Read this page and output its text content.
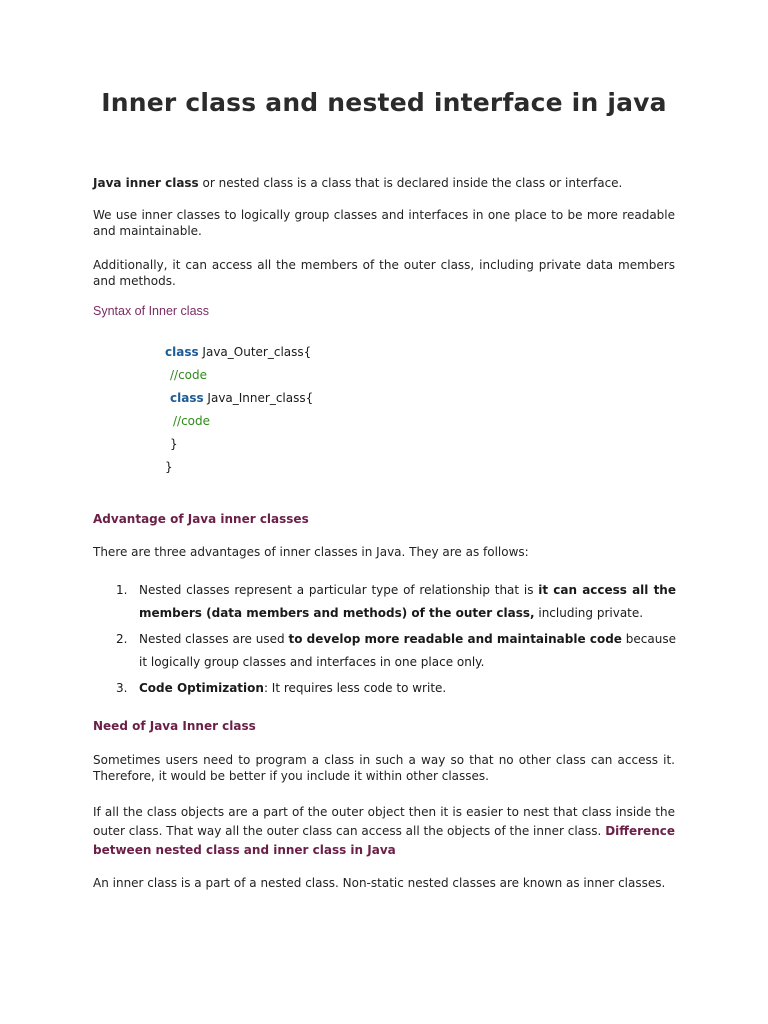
Inner class and nested interface in java
Java inner class or nested class is a class that is declared inside the class or interface.
We use inner classes to logically group classes and interfaces in one place to be more readable and maintainable.
Additionally, it can access all the members of the outer class, including private data members and methods.
Syntax of Inner class
class Java_Outer_class{
//code
class Java_Inner_class{
//code
}
}
Advantage of Java inner classes
There are three advantages of inner classes in Java. They are as follows:
1. Nested classes represent a particular type of relationship that is it can access all the members (data members and methods) of the outer class, including private.
2. Nested classes are used to develop more readable and maintainable code because it logically group classes and interfaces in one place only.
3. Code Optimization: It requires less code to write.
Need of Java Inner class
Sometimes users need to program a class in such a way so that no other class can access it. Therefore, it would be better if you include it within other classes.
If all the class objects are a part of the outer object then it is easier to nest that class inside the outer class. That way all the outer class can access all the objects of the inner class. Difference between nested class and inner class in Java
An inner class is a part of a nested class. Non-static nested classes are known as inner classes.
